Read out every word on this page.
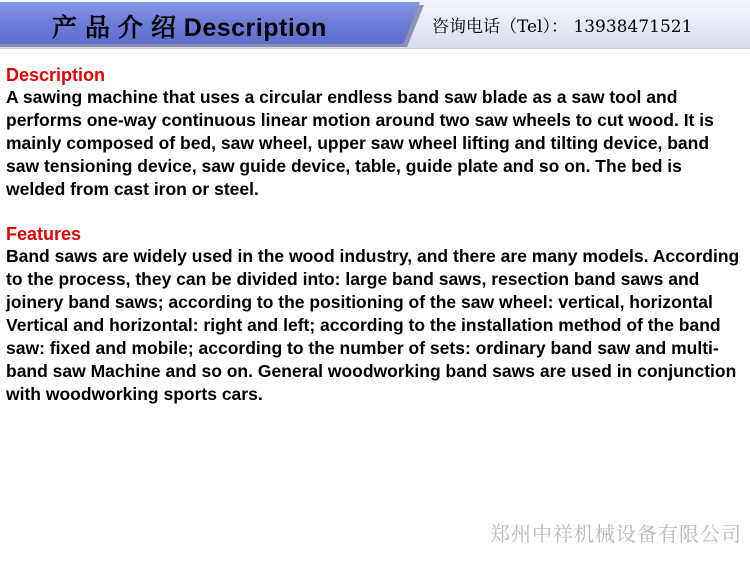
产 品 介 绍 Description	咨询电话（Tel）： 13938471521

Description

A sawing machine that uses a circular endless band saw blade as a saw tool and performs one-way continuous linear motion around two saw wheels to cut wood. It is mainly composed of bed, saw wheel, upper saw wheel lifting and tilting device, band saw tensioning device, saw guide device, table, guide plate and so on. The bed is welded from cast iron or steel.

Features

Band saws are widely used in the wood industry, and there are many models. According to the process, they can be divided into: large band saws, resection band saws and joinery band saws; according to the positioning of the saw wheel: vertical, horizontal Vertical and horizontal: right and left; according to the installation method of the band saw: fixed and mobile; according to the number of sets: ordinary band saw and multi-band saw Machine and so on. General woodworking band saws are used in conjunction with woodworking sports cars.

郑州中祥机械设备有限公司
